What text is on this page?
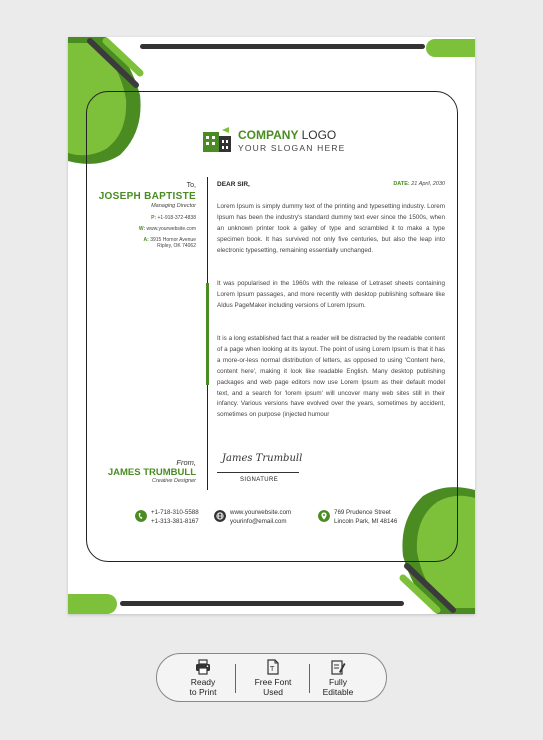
COMPANY LOGO
YOUR SLOGAN HERE
To,
JOSEPH BAPTISTE
Managing Director
P: +1-918-372-4838
W: www.yourwebsite.com
A: 3915 Hornor Avenue
Ripley, OK 74062
DEAR SIR,	DATE: 21 April, 2030

Lorem Ipsum is simply dummy text of the printing and typesetting industry. Lorem Ipsum has been the industry's standard dummy text ever since the 1500s, when an unknown printer took a galley of type and scrambled it to make a type specimen book. It has survived not only five centuries, but also the leap into electronic typesetting, remaining essentially unchanged.

It was popularised in the 1960s with the release of Letraset sheets containing Lorem Ipsum passages, and more recently with desktop publishing software like Aldus PageMaker including versions of Lorem Ipsum.

It is a long established fact that a reader will be distracted by the readable content of a page when looking at its layout. The point of using Lorem Ipsum is that it has a more-or-less normal distribution of letters, as opposed to using 'Content here, content here', making it look like readable English. Many desktop publishing packages and web page editors now use Lorem Ipsum as their default model text, and a search for 'lorem ipsum' will uncover many web sites still in their infancy. Various versions have evolved over the years, sometimes by accident, sometimes on purpose (injected humour

From,
JAMES TRUMBULL
Creative Designer
James Trumbull
SIGNATURE
+1-718-310-5588
+1-313-381-8167
www.yourwebsite.com
yourinfo@email.com
769 Prudence Street
Lincoln Park, MI 48146
Ready
to Print
T
Free Font
Used
Fully
Editable
